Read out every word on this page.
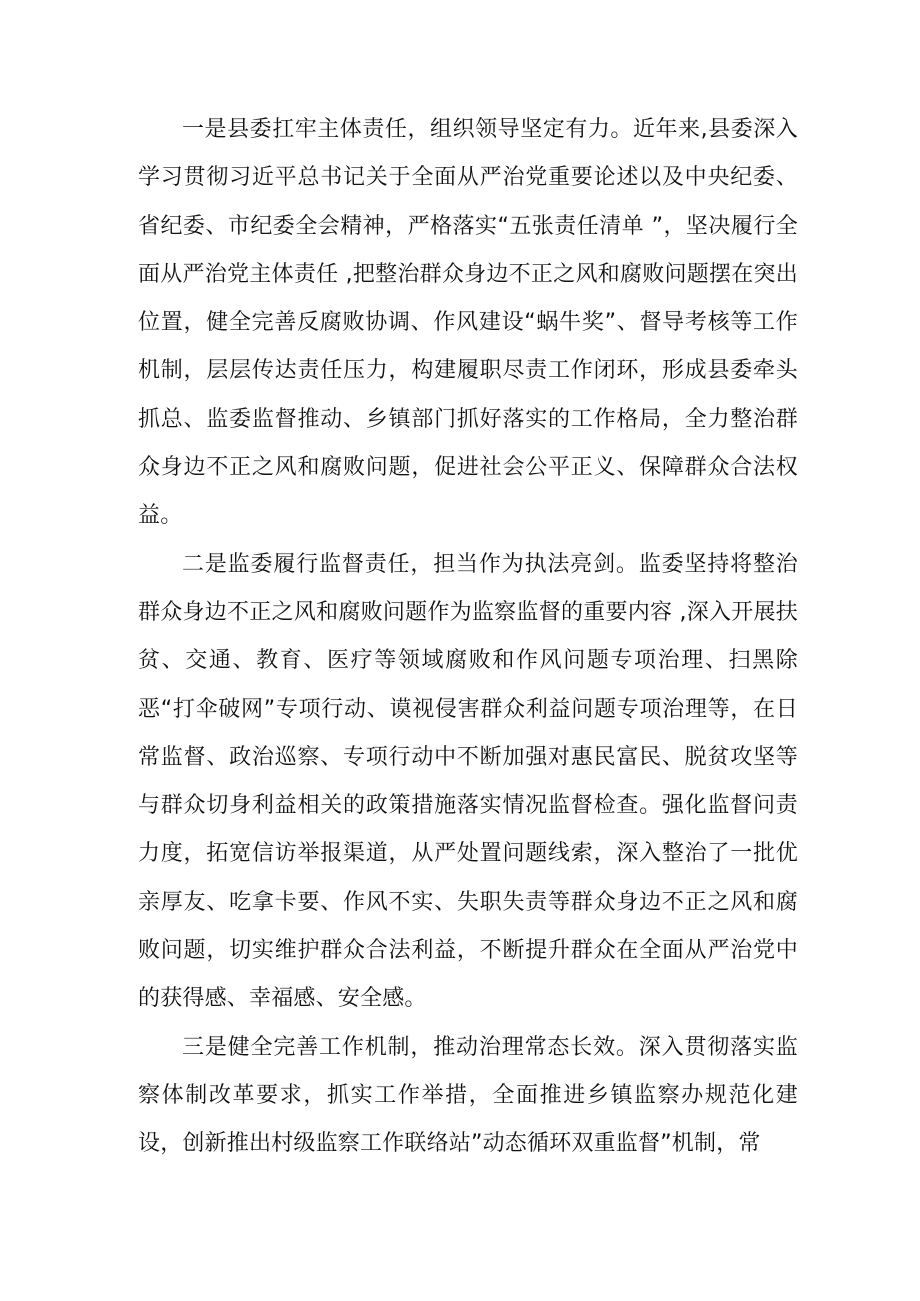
一是县委扛牢主体责任，组织领导坚定有力。近年来,县委深入学习贯彻习近平总书记关于全面从严治党重要论述以及中央纪委、省纪委、市纪委全会精神，严格落实“五张责任清单 ”，坚决履行全面从严治党主体责任 ,把整治群众身边不正之风和腐败问题摆在突出位置，健全完善反腐败协调、作风建设“蜗牛奖”、督导考核等工作机制，层层传达责任压力，构建履职尽责工作闭环，形成县委牵头抓总、监委监督推动、乡镇部门抓好落实的工作格局，全力整治群众身边不正之风和腐败问题，促进社会公平正义、保障群众合法权益。

二是监委履行监督责任，担当作为执法亮剑。监委坚持将整治群众身边不正之风和腐败问题作为监察监督的重要内容 ,深入开展扶贫、交通、教育、医疗等领域腐败和作风问题专项治理、扫黑除恶“打伞破网”专项行动、谟视侵害群众利益问题专项治理等，在日常监督、政治巡察、专项行动中不断加强对惠民富民、脱贫攻坚等与群众切身利益相关的政策措施落实情况监督检查。强化监督问责力度，拓宽信访举报渠道，从严处置问题线索，深入整治了一批优亲厚友、吃拿卡要、作风不实、失职失责等群众身边不正之风和腐败问题，切实维护群众合法利益，不断提升群众在全面从严治党中的获得感、幸福感、安全感。

三是健全完善工作机制，推动治理常态长效。深入贯彻落实监察体制改革要求，抓实工作举措，全面推进乡镇监察办规范化建设，创新推出村级监察工作联络站”动态循环双重监督”机制，常
